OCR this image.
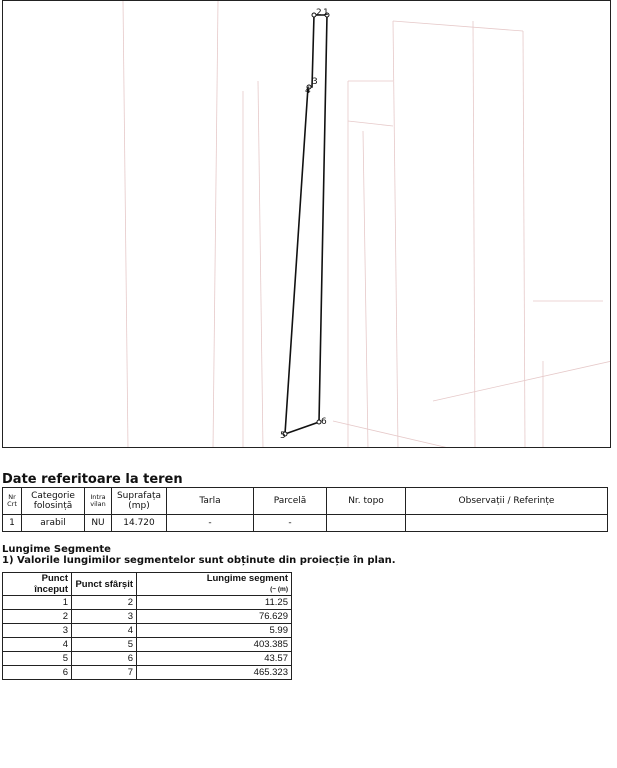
2 1
3
4
5
6
Date referitoare la teren
Nr Crt	Categorie folosință	Intra vilan	Suprafața (mp)	Tarla	Parcelă	Nr. topo	Observații / Referințe
1	arabil	NU	14.720	-	-		
Lungime Segmente
1) Valorile lungimilor segmentelor sunt obținute din proiecție în plan.
Punct început	Punct sfârșit	Lungime segment
(~ (m)

1	2	11.25
2	3	76.629
3	4	5.99
4	5	403.385
5	6	43.57
6	7	465.323
